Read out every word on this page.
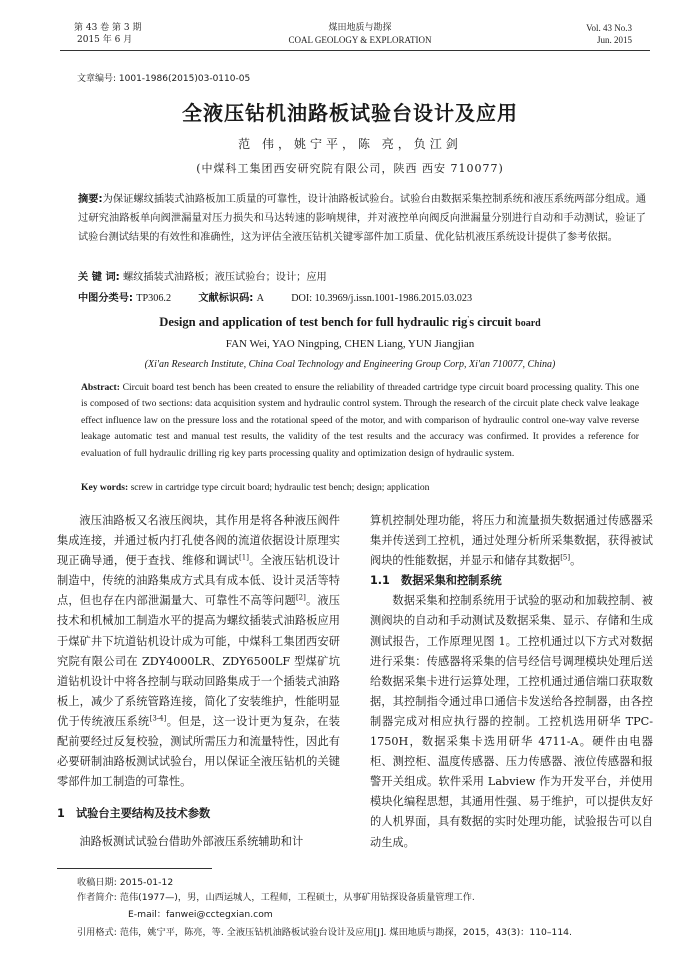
第 43 卷 第 3 期
2015 年 6 月
煤田地质与勘探
COAL GEOLOGY & EXPLORATION
Vol. 43 No.3
Jun. 2015
文章编号: 1001-1986(2015)03-0110-05
全液压钻机油路板试验台设计及应用
范 伟，姚宁平，陈 亮，负江剑
(中煤科工集团西安研究院有限公司，陕西 西安 710077)
摘要:为保证螺纹插装式油路板加工质量的可靠性，设计油路板试验台。试验台由数据采集控制系统和液压系统两部分组成。通过研究油路板单向阀泄漏量对压力损失和马达转速的影响规律，并对液控单向阀反向泄漏量分别进行自动和手动测试，验证了试验台测试结果的有效性和准确性，这为评估全液压钻机关键零部件加工质量、优化钻机液压系统设计提供了参考依据。
关 键 词: 螺纹插装式油路板；液压试验台；设计；应用
中图分类号: TP306.2	文献标识码: A	DOI: 10.3969/j.issn.1001-1986.2015.03.023
Design and application of test bench for full hydraulic rig's circuit board
FAN Wei, YAO Ningping, CHEN Liang, YUN Jiangjian
(Xi'an Research Institute, China Coal Technology and Engineering Group Corp, Xi'an 710077, China)
Abstract: Circuit board test bench has been created to ensure the reliability of threaded cartridge type circuit board processing quality. This one is composed of two sections: data acquisition system and hydraulic control system. Through the research of the circuit plate check valve leakage effect influence law on the pressure loss and the rotational speed of the motor, and with comparison of hydraulic control one-way valve reverse leakage automatic test and manual test results, the validity of the test results and the accuracy was confirmed. It provides a reference for evaluation of full hydraulic drilling rig key parts processing quality and optimization design of hydraulic system.
Key words: screw in cartridge type circuit board; hydraulic test bench; design; application

液压油路板又名液压阀块，其作用是将各种液压阀件集成连接，并通过板内打孔使各阀的流道依据设计原理实现正确导通，便于查找、维修和调试[1]。全液压钻机设计制造中，传统的油路集成方式具有成本低、设计灵活等特点，但也存在内部泄漏量大、可靠性不高等问题[2]。液压技术和机械加工制造水平的提高为螺纹插装式油路板应用于煤矿井下坑道钻机设计成为可能，中煤科工集团西安研究院有限公司在 ZDY4000LR、ZDY6500LF 型煤矿坑道钻机设计中将各控制与联动回路集成于一个插装式油路板上，减少了系统管路连接，简化了安装维护，性能明显优于传统液压系统[3-4]。但是，这一设计更为复杂，在装配前要经过反复校验，测试所需压力和流量特性，因此有必要研制油路板测试试验台，用以保证全液压钻机的关键零部件加工制造的可靠性。

1　试验台主要结构及技术参数

油路板测试试验台借助外部液压系统辅助和计

算机控制处理功能，将压力和流量损失数据通过传感器采集并传送到工控机，通过处理分析所采集数据，获得被试阀块的性能数据，并显示和储存其数据[5]。

1.1　数据采集和控制系统

数据采集和控制系统用于试验的驱动和加载控制、被测阀块的自动和手动测试及数据采集、显示、存储和生成测试报告，工作原理见图 1。工控机通过以下方式对数据进行采集：传感器将采集的信号经信号调理模块处理后送给数据采集卡进行运算处理，工控机通过通信端口获取数据，其控制指令通过串口通信卡发送给各控制器，由各控制器完成对相应执行器的控制。工控机选用研华 TPC-1750H，数据采集卡选用研华 4711-A。硬件由电器柜、测控柜、温度传感器、压力传感器、液位传感器和报警开关组成。软件采用 Labview 作为开发平台，并使用模块化编程思想，其通用性强、易于维护，可以提供友好的人机界面，具有数据的实时处理功能，试验报告可以自动生成。

收稿日期: 2015-01-12
作者简介: 范伟(1977—)，男，山西运城人，工程师，工程硕士，从事矿用钻探设备质量管理工作.
E-mail：fanwei@cctegxian.com
引用格式: 范伟，姚宁平，陈亮，等. 全液压钻机油路板试验台设计及应用[J]. 煤田地质与勘探，2015，43(3)：110–114.
